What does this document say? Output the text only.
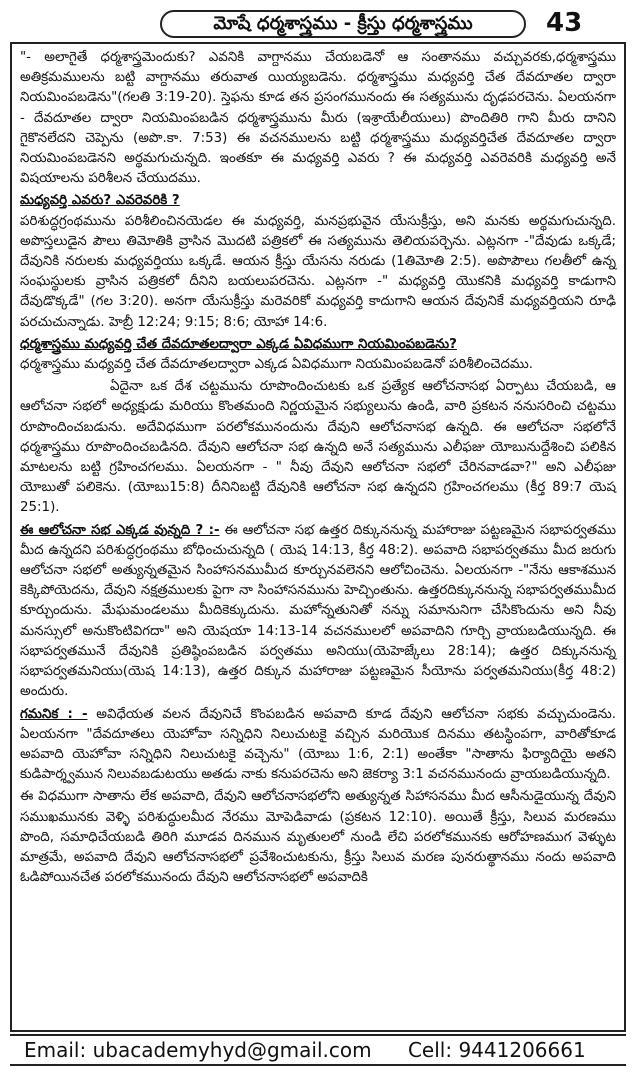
మోషే ధర్మశాస్త్రము - క్రీస్తు ధర్మశాస్త్రము	43

"- అలాగైతే ధర్మశాస్త్రమెందుకు? ఎవనికి వాగ్దానము చేయబడెనో ఆ సంతానము వచ్చువరకు,ధర్మశాస్త్రము అతిక్రమములను బట్టి వాగ్దానము తరువాత యియ్యబడెను. ధర్మశాస్త్రము మధ్యవర్తి చేత దేవదూతల ద్వారా నియమింపబడెను"(గలతి 3:19-20). స్తెఫను కూడ తన ప్రసంగమునందు ఈ సత్యమును దృఢపరచెను. ఏలయనగా - దేవదూతల ద్వారా నియమింపబడిన ధర్మశాస్త్రమును మీరు (ఇశ్రాయేలీయులు) పొందితిరి గాని మీరు దానిని గైకొనలేదని చెప్పెను (అపొ.కా. 7:53) ఈ వచనములను బట్టి ధర్మశాస్త్రము మధ్యవర్తిచేత దేవదూతల ద్వారా నియమింపబడెనని అర్థమగుచున్నది. ఇంతకూ ఈ మధ్యవర్తి ఎవరు ? ఈ మధ్యవర్తి ఎవరెవరికి మధ్యవర్తి అనే విషయాలను పరిశీలన చేయుదము.

మధ్యవర్తి ఎవరు? ఎవరెవరికి ?

పరిశుద్ధగ్రంథమును పరిశీలించినయెడల ఈ మధ్యవర్తి, మనప్రభువైన యేసుక్రీస్తు, అని మనకు అర్థమగుచున్నది. అపొస్తలుడైన పౌలు తిమోతికి వ్రాసిన మొదటి పత్రికలో ఈ సత్యమును తెలియపర్చెను. ఎట్లనగా -"దేవుడు ఒక్కడే; దేవునికి నరులకు మధ్యవర్తియు ఒక్కడే. ఆయన క్రీస్తు యేసను నరుడు (1తిమోతి 2:5). అపొపౌలు గలతీలో ఉన్న సంఘస్థులకు వ్రాసిన పత్రికలో దీనిని బయలుపరచెను. ఎట్లనగా -" మధ్యవర్తి యొకనికి మధ్యవర్తి కాడుగాని దేవుడొక్కడే" (గల 3:20). అనగా యేసుక్రీస్తు మరెవరికో మధ్యవర్తి కాదుగాని ఆయన దేవునికే మధ్యవర్తియని రూఢి పరచుచున్నాడు. హెబ్రీ 12:24; 9:15; 8:6; యోహా 14:6.

ధర్మశాస్త్రము మధ్యవర్తి చేత దేవదూతలద్వారా ఎక్కడ ఏవిధముగా నియమింపబడెను?

ధర్మశాస్త్రము మధ్యవర్తి చేత దేవదూతలద్వారా ఎక్కడ ఏవిధముగా నియమింపబడెనో పరిశీలించెదము.

ఏదైనా ఒక దేశ చట్టమును రూపొందించుటకు ఒక ప్రత్యేక ఆలోచనాసభ ఏర్పాటు చేయబడి, ఆ ఆలోచనా సభలో అధ్యక్షుడు మరియు కొంతమంది నిర్ణయమైన సభ్యులును ఉండి, వారి ప్రకటన ననుసరించి చట్టము రూపొందించబడును. అదేవిధముగా పరలోకమునందును దేవుని ఆలోచనాసభ ఉన్నది. ఈ ఆలోచనా సభలోనే ధర్మశాస్త్రము రూపొందించబడినది. దేవుని ఆలోచనా సభ ఉన్నది అనే సత్యమును ఎలీఫజు యోబునుద్దేశించి పలికిన మాటలను బట్టి గ్రహించగలము. ఏలయనగా - " నీవు దేవుని ఆలోచనా సభలో చేరినవాడవా?" అని ఎలీఫజు యోబుతో పలికెను. (యోబు15:8) దీనినిబట్టి దేవునికి ఆలోచనా సభ ఉన్నదని గ్రహించగలము (కీర్త 89:7 యెష 25:1).

ఈ ఆలోచనా సభ ఎక్కడ వున్నది ? :- ఈ ఆలోచనా సభ ఉత్తర దిక్కుననున్న మహారాజు పట్టణమైన సభాపర్వతము మీద ఉన్నదని పరిశుద్ధగ్రంథము బోధించుచున్నది ( యెష 14:13, కీర్త 48:2). అపవాది సభాపర్వతము మీద జరుగు ఆలోచనా సభలో అత్యున్నతమైన సింహాసనముమీద కూర్చునవలెనని ఆలోచించెను. ఏలయనగా -"నేను ఆకాశమున కెక్కిపోయెదను, దేవుని నక్షత్రములకు పైగా నా సింహాసనమును హెచ్చింతును. ఉత్తరదిక్కుననున్న సభాపర్వతముమీద కూర్చుందును. మేఘమండలము మీదికెక్కుదును. మహోన్నతునితో నన్ను సమానునిగా చేసికొందును అని నీవు మనస్సులో అనుకొంటివిగదా" అని యెషయా 14:13-14 వచనములలో అపవాదిని గూర్చి వ్రాయబడియున్నది. ఈ సభాపర్వతమునే దేవునికి ప్రతిష్ఠింపబడిన పర్వతము అనియు(యెహెజ్కేలు 28:14); ఉత్తర దిక్కుననున్న సభాపర్వతమనియు(యెష 14:13), ఉత్తర దిక్కున మహారాజు పట్టణమైన సీయోను పర్వతమనియు(కీర్త 48:2) అందురు.

గమనిక : - అవిధేయత వలన దేవునిచే కొంపబడిన అపవాది కూడ దేవుని ఆలోచనా సభకు వచ్చుచుండెను. ఏలయనగా "దేవదూతలు యెహోవా సన్నిధిని నిలుచుటకై వచ్చిన మరియొక దినము తటస్థింపగా, వారితోకూడ అపవాది యెహోవా సన్నిధిని నిలుచుటకై వచ్చెను" (యోబు 1:6, 2:1) అంతేకా "సాతాను ఫిర్యాదియై అతని కుడిపార్శ్వమున నిలువబడుటయు అతడు నాకు కనుపరచెను అని జెకర్యా 3:1 వచనమునందు వ్రాయబడియున్నది.

ఈ విధముగా సాతాను లేక అపవాది, దేవుని ఆలోచనాసభలోని అత్యున్నత సిహాసనము మీద ఆసీనుడైయున్న దేవుని సముఖమునకు వెళ్ళి పరిశుద్ధులమీద నేరము మోపెడివాడు (ప్రకటన 12:10). అయితే క్రీస్తు, సిలువ మరణము పొంది, సమాధిచేయబడి తిరిగి మూడవ దినమున మృతులలో నుండి లేచి పరలోకమునకు ఆరోహణముగ వెళ్ళుట మాత్రమే, అపవాది దేవుని ఆలోచనాసభలో ప్రవేశించుటకును, క్రీస్తు సిలువ మరణ పునరుత్థానము నందు అపవాది ఓడిపోయినచేత పరలోకమునందు దేవుని ఆలోచనాసభలో అపవాదికి

Email: ubacademyhyd@gmail.com Cell: 9441206661
